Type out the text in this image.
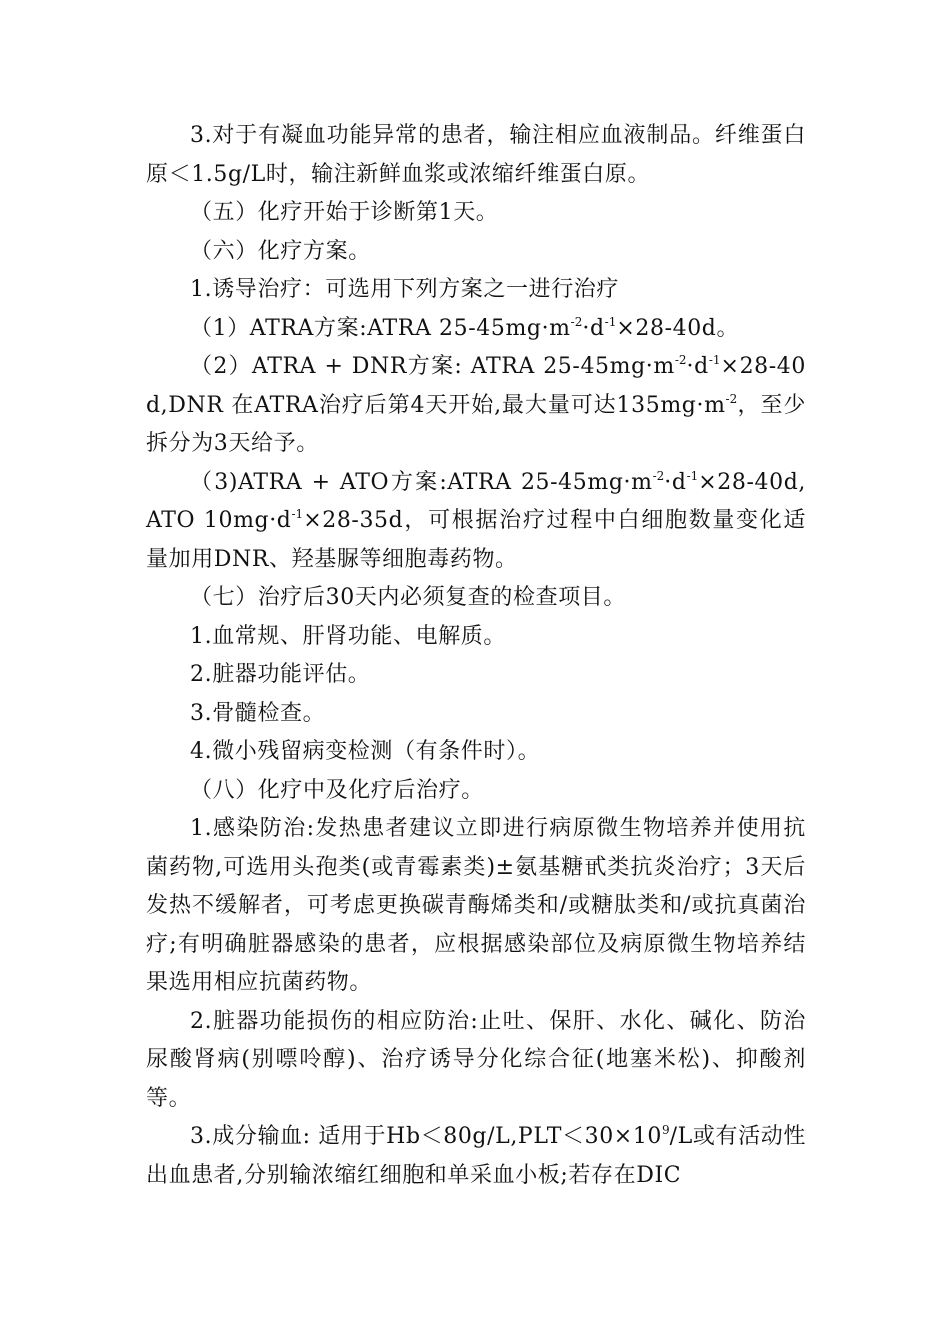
3.对于有凝血功能异常的患者，输注相应血液制品。纤维蛋白原＜1.5g/L时，输注新鲜血浆或浓缩纤维蛋白原。

（五）化疗开始于诊断第1天。

（六）化疗方案。

1.诱导治疗：可选用下列方案之一进行治疗

（1）ATRA方案:ATRA $25-45mg\cdot m^{-2}\cdot d^{-1}\times 28-40d$。

（2）ATRA + DNR方案: ATRA $25-45mg\cdot m^{-2}\cdot d^{-1}\times 28-40d,DNR$ 在ATRA治疗后第4天开始,最大量可达$135mg\cdot m^{-2}$，至少拆分为3天给予。

（3)ATRA + ATO方案:ATRA $25-45mg\cdot m^{-2}\cdot d^{-1}\times 28-40d,ATO$ $10mg\cdot d^{-1}\times 28-35d$，可根据治疗过程中白细胞数量变化适量加用DNR、羟基脲等细胞毒药物。

（七）治疗后30天内必须复查的检查项目。

1.血常规、肝肾功能、电解质。

2.脏器功能评估。

3.骨髓检查。

4.微小残留病变检测（有条件时）。

（八）化疗中及化疗后治疗。

1.感染防治:发热患者建议立即进行病原微生物培养并使用抗菌药物,可选用头孢类(或青霉素类)±氨基糖甙类抗炎治疗；3天后发热不缓解者，可考虑更换碳青酶烯类和/或糖肽类和/或抗真菌治疗;有明确脏器感染的患者，应根据感染部位及病原微生物培养结果选用相应抗菌药物。

2.脏器功能损伤的相应防治:止吐、保肝、水化、碱化、防治尿酸肾病(别嘌呤醇)、治疗诱导分化综合征(地塞米松)、抑酸剂等。

3.成分输血: 适用于$Hb<80g/L,PLT<30\times 10^9/L$或有活动性出血患者,分别输浓缩红细胞和单采血小板;若存在DIC
